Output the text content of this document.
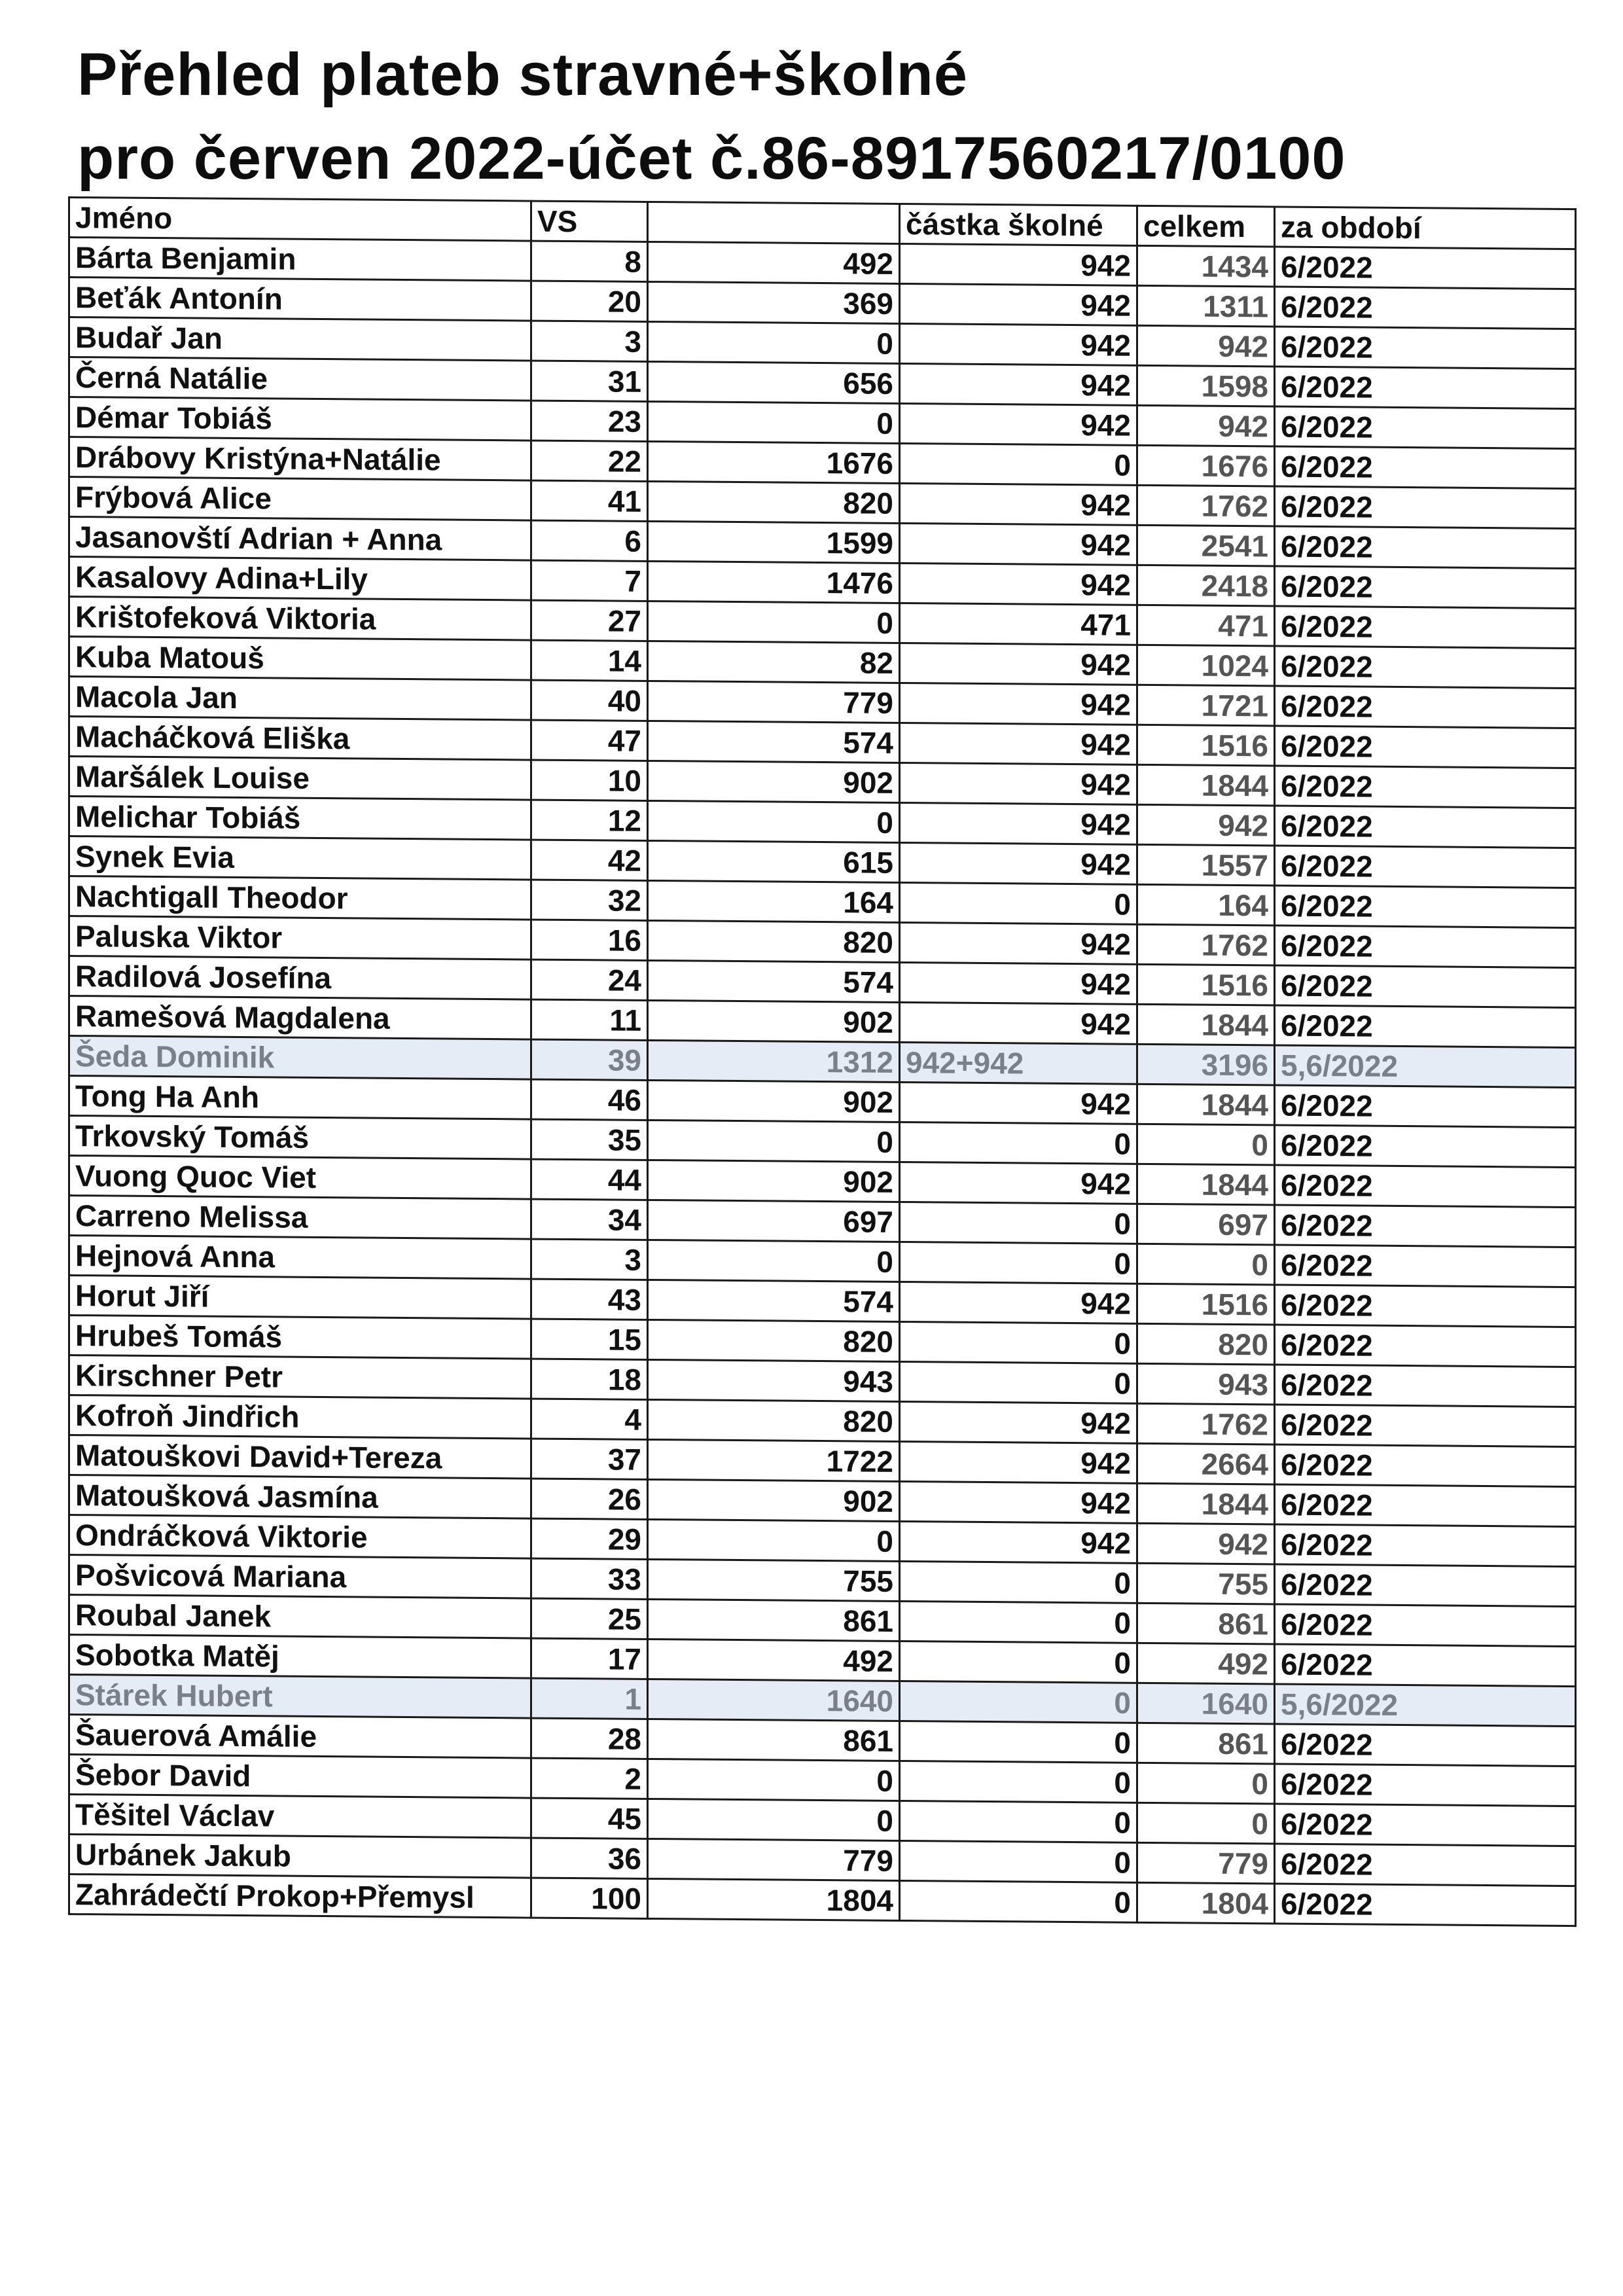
Přehled plateb stravné+školné
pro červen 2022-účet č.86-8917560217/0100
Jméno	VS		částka školné	celkem	za období
Bárta Benjamin	8	492	942	1434	6/2022
Beťák Antonín	20	369	942	1311	6/2022
Budař Jan	3	0	942	942	6/2022
Černá Natálie	31	656	942	1598	6/2022
Démar Tobiáš	23	0	942	942	6/2022
Drábovy Kristýna+Natálie	22	1676	0	1676	6/2022
Frýbová Alice	41	820	942	1762	6/2022
Jasanovští Adrian + Anna	6	1599	942	2541	6/2022
Kasalovy Adina+Lily	7	1476	942	2418	6/2022
Krištofeková Viktoria	27	0	471	471	6/2022
Kuba Matouš	14	82	942	1024	6/2022
Macola Jan	40	779	942	1721	6/2022
Macháčková Eliška	47	574	942	1516	6/2022
Maršálek Louise	10	902	942	1844	6/2022
Melichar Tobiáš	12	0	942	942	6/2022
Synek Evia	42	615	942	1557	6/2022
Nachtigall Theodor	32	164	0	164	6/2022
Paluska Viktor	16	820	942	1762	6/2022
Radilová Josefína	24	574	942	1516	6/2022
Ramešová Magdalena	11	902	942	1844	6/2022
Šeda Dominik	39	1312	942+942	3196	5,6/2022
Tong Ha Anh	46	902	942	1844	6/2022
Trkovský Tomáš	35	0	0	0	6/2022
Vuong Quoc Viet	44	902	942	1844	6/2022
Carreno Melissa	34	697	0	697	6/2022
Hejnová Anna	3	0	0	0	6/2022
Horut Jiří	43	574	942	1516	6/2022
Hrubeš Tomáš	15	820	0	820	6/2022
Kirschner Petr	18	943	0	943	6/2022
Kofroň Jindřich	4	820	942	1762	6/2022
Matouškovi David+Tereza	37	1722	942	2664	6/2022
Matoušková Jasmína	26	902	942	1844	6/2022
Ondráčková Viktorie	29	0	942	942	6/2022
Pošvicová Mariana	33	755	0	755	6/2022
Roubal Janek	25	861	0	861	6/2022
Sobotka Matěj	17	492	0	492	6/2022
Stárek Hubert	1	1640	0	1640	5,6/2022
Šauerová Amálie	28	861	0	861	6/2022
Šebor David	2	0	0	0	6/2022
Těšitel Václav	45	0	0	0	6/2022
Urbánek Jakub	36	779	0	779	6/2022
Zahrádečtí Prokop+Přemysl	100	1804	0	1804	6/2022
